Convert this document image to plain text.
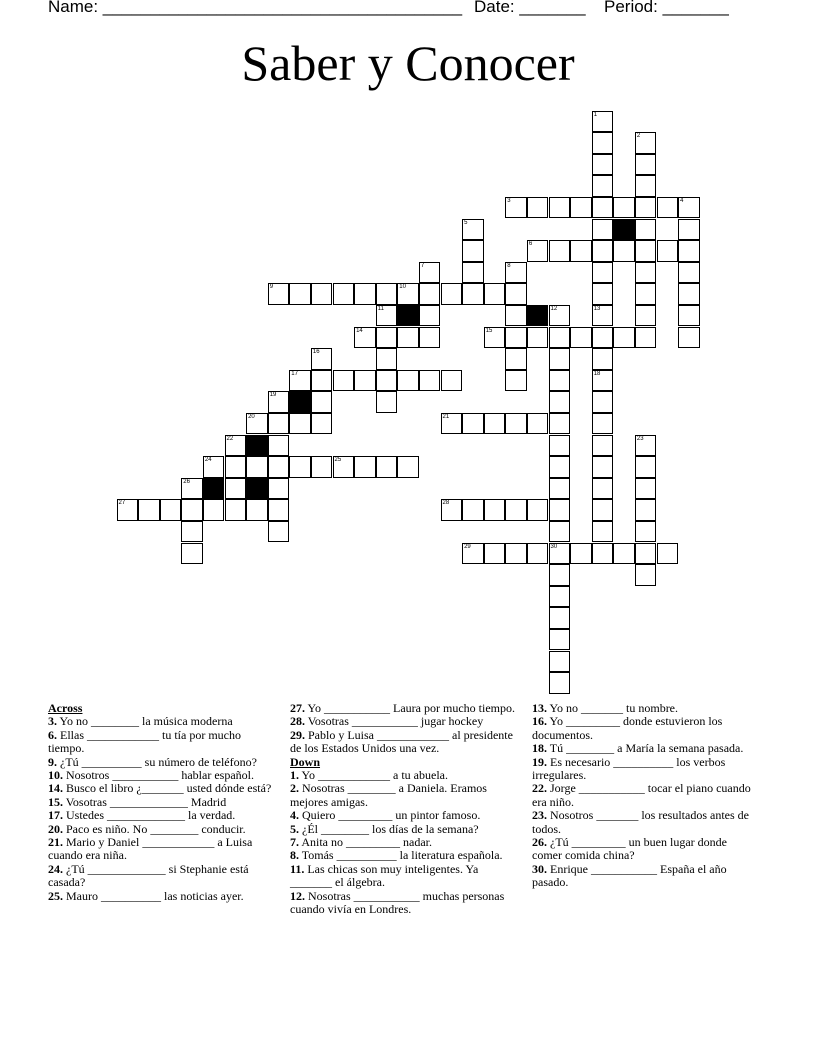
Name: ______________________________________ Date: _______ Period: _______
Saber y Conocer
1
13
2
3	4
5
6
7	8
9	10
11	12
30
14	15
16
17	18
19
20	21
22	23
24	25
26
27	28
29
Across
3. Yo no ________ la música moderna
6. Ellas ____________ tu tía por mucho tiempo.
9. ¿Tú __________ su número de teléfono?
10. Nosotros ___________ hablar español.
14. Busco el libro ¿_______ usted dónde está?
15. Vosotras _____________ Madrid
17. Ustedes _____________ la verdad.
20. Paco es niño. No ________ conducir.
21. Mario y Daniel ____________ a Luisa cuando era niña.
24. ¿Tú _____________ si Stephanie está casada?
25. Mauro __________ las noticias ayer.
27. Yo ___________ Laura por mucho tiempo.
28. Vosotras ___________ jugar hockey
29. Pablo y Luisa ____________ al presidente de los Estados Unidos una vez.
Down
1. Yo ____________ a tu abuela.
2. Nosotras ________ a Daniela. Eramos mejores amigas.
4. Quiero _________ un pintor famoso.
5. ¿Él ________ los días de la semana?
7. Anita no _________ nadar.
8. Tomás __________ la literatura española.
11. Las chicas son muy inteligentes. Ya _______ el álgebra.
12. Nosotras ___________ muchas personas cuando vivía en Londres.
13. Yo no _______ tu nombre.
16. Yo _________ donde estuvieron los documentos.
18. Tú ________ a María la semana pasada.
19. Es necesario __________ los verbos irregulares.
22. Jorge ___________ tocar el piano cuando era niño.
23. Nosotros _______ los resultados antes de todos.
26. ¿Tú _________ un buen lugar donde comer comida china?
30. Enrique ___________ España el año pasado.
